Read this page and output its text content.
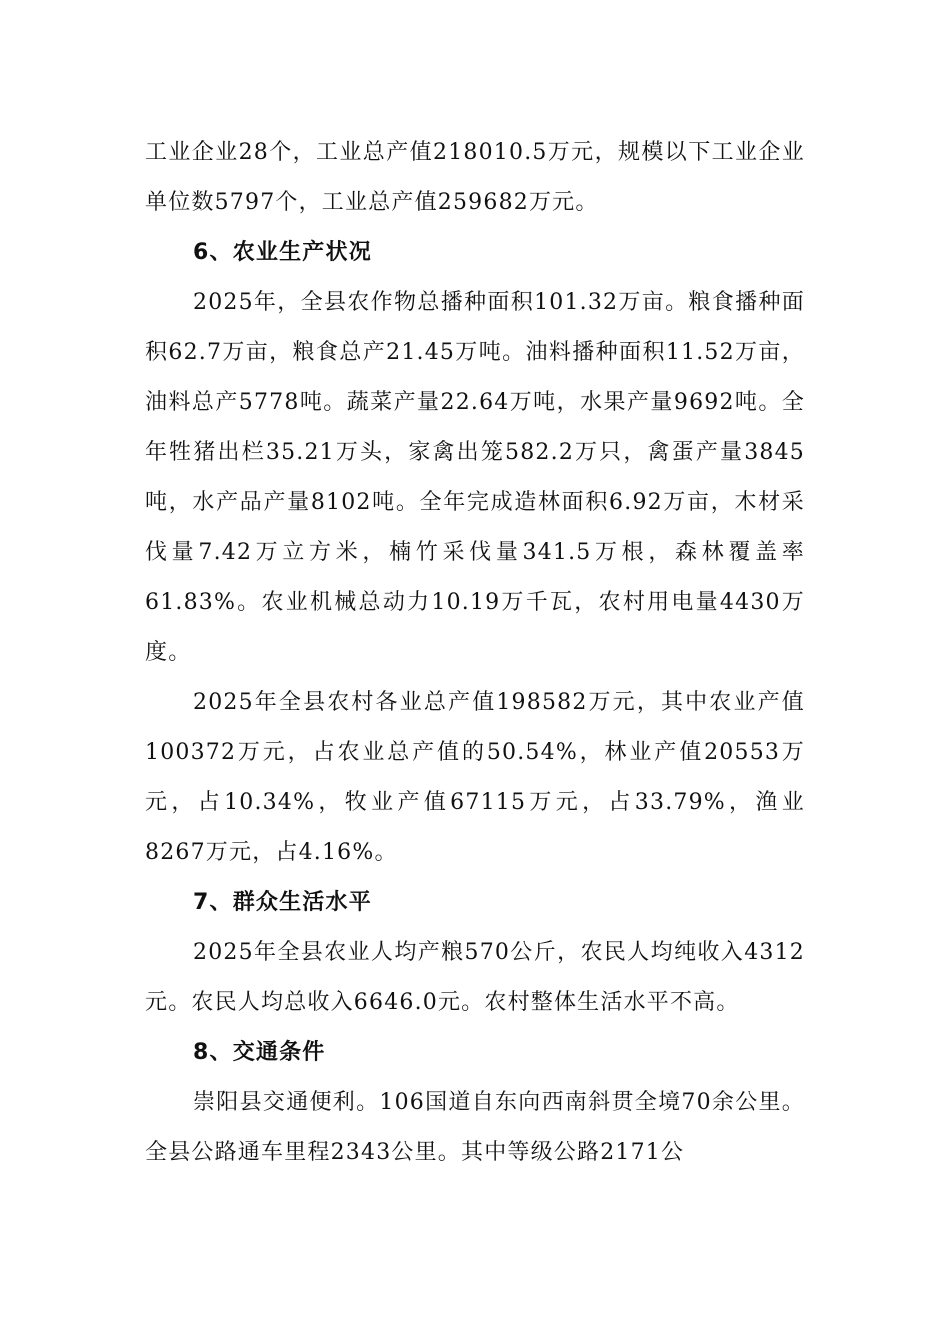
工业企业28个，工业总产值218010.5万元，规模以下工业企业单位数5797个，工业总产值259682万元。

6、农业生产状况

2025年，全县农作物总播种面积101.32万亩。粮食播种面积62.7万亩，粮食总产21.45万吨。油料播种面积11.52万亩，油料总产5778吨。蔬菜产量22.64万吨，水果产量9692吨。全年牲猪出栏35.21万头，家禽出笼582.2万只，禽蛋产量3845吨，水产品产量8102吨。全年完成造林面积6.92万亩，木材采伐量7.42万立方米，楠竹采伐量341.5万根，森林覆盖率61.83%。农业机械总动力10.19万千瓦，农村用电量4430万度。

2025年全县农村各业总产值198582万元，其中农业产值100372万元，占农业总产值的50.54%，林业产值20553万元，占10.34%，牧业产值67115万元，占33.79%，渔业8267万元，占4.16%。

7、群众生活水平

2025年全县农业人均产粮570公斤，农民人均纯收入4312元。农民人均总收入6646.0元。农村整体生活水平不高。

8、交通条件

崇阳县交通便利。106国道自东向西南斜贯全境70余公里。全县公路通车里程2343公里。其中等级公路2171公
